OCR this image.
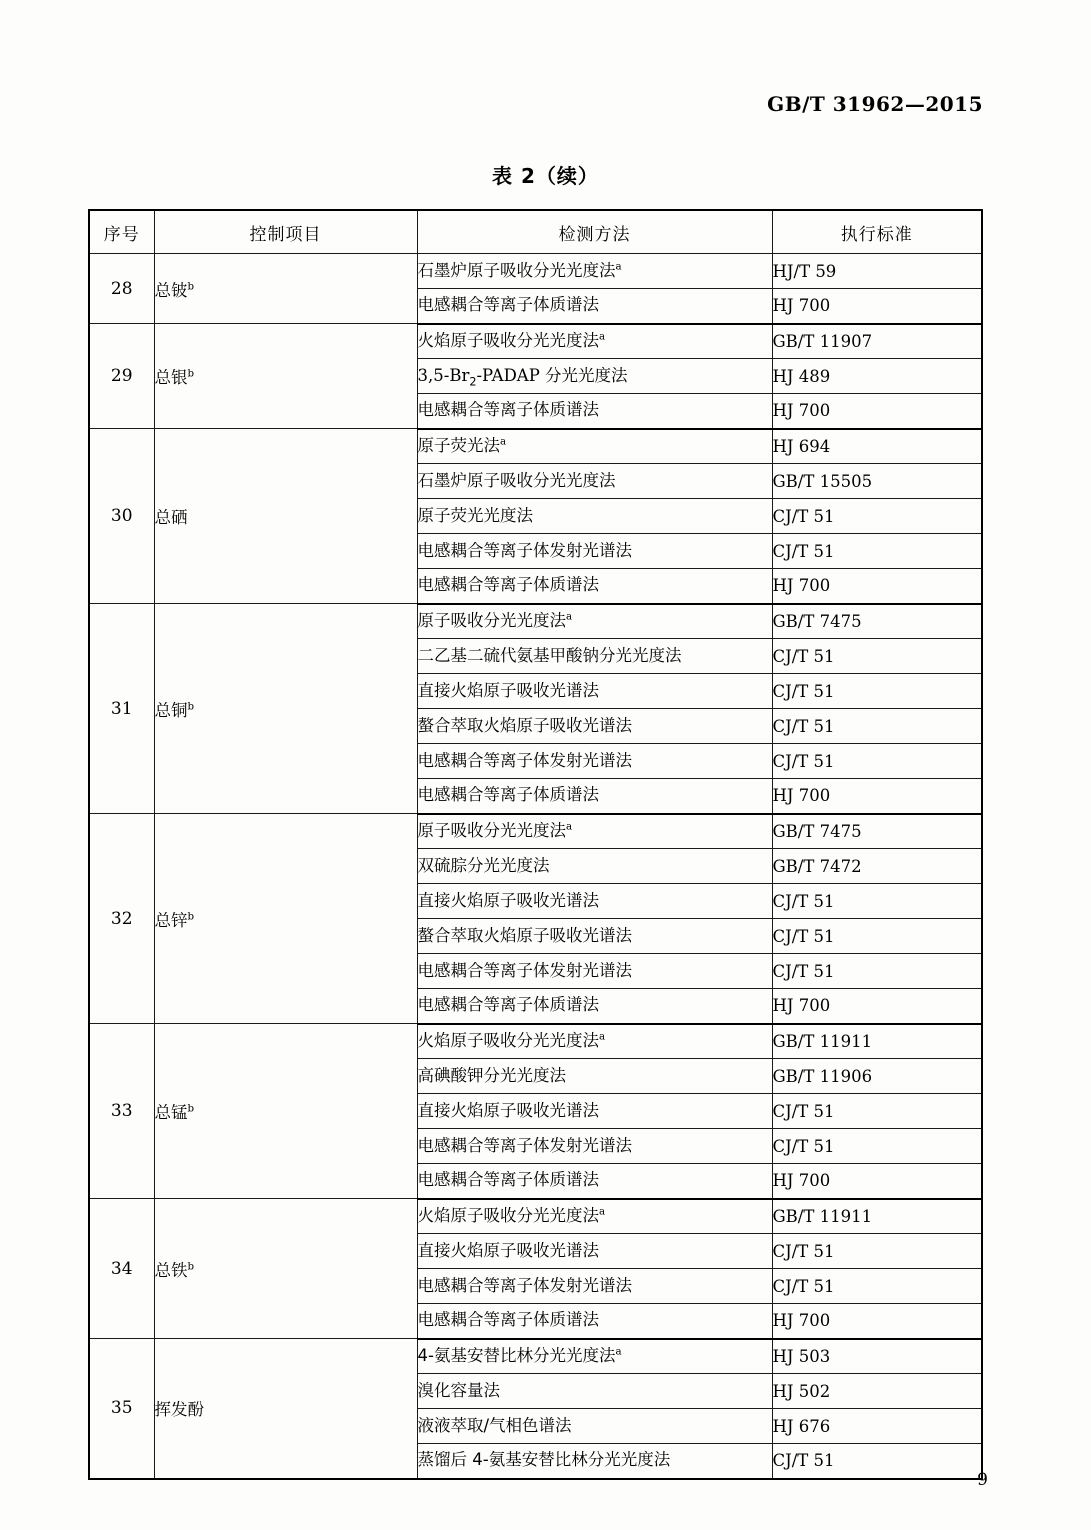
GB/T 31962—2015
表 2（续）
序号	控制项目	检测方法	执行标准
28	总铍$^b$	石墨炉原子吸收分光光度法$^a$	HJ/T 59
		电感耦合等离子体质谱法	HJ 700
29	总银$^b$	火焰原子吸收分光光度法$^a$	GB/T 11907
		$3,5-Br_2$-PADAP 分光光度法	HJ 489
		电感耦合等离子体质谱法	HJ 700
30	总硒	原子荧光法$^a$	HJ 694
		石墨炉原子吸收分光光度法	GB/T 15505
		原子荧光光度法	CJ/T 51
		电感耦合等离子体发射光谱法	CJ/T 51
		电感耦合等离子体质谱法	HJ 700
31	总铜$^b$	原子吸收分光光度法$^a$	GB/T 7475
		二乙基二硫代氨基甲酸钠分光光度法	CJ/T 51
		直接火焰原子吸收光谱法	CJ/T 51
		螯合萃取火焰原子吸收光谱法	CJ/T 51
		电感耦合等离子体发射光谱法	CJ/T 51
		电感耦合等离子体质谱法	HJ 700
32	总锌$^b$	原子吸收分光光度法$^a$	GB/T 7475
		双硫腙分光光度法	GB/T 7472
		直接火焰原子吸收光谱法	CJ/T 51
		螯合萃取火焰原子吸收光谱法	CJ/T 51
		电感耦合等离子体发射光谱法	CJ/T 51
		电感耦合等离子体质谱法	HJ 700
33	总锰$^b$	火焰原子吸收分光光度法$^a$	GB/T 11911
		高碘酸钾分光光度法	GB/T 11906
		直接火焰原子吸收光谱法	CJ/T 51
		电感耦合等离子体发射光谱法	CJ/T 51
		电感耦合等离子体质谱法	HJ 700
34	总铁$^b$	火焰原子吸收分光光度法$^a$	GB/T 11911
		直接火焰原子吸收光谱法	CJ/T 51
		电感耦合等离子体发射光谱法	CJ/T 51
		电感耦合等离子体质谱法	HJ 700
35	挥发酚	4-氨基安替比林分光光度法$^a$	HJ 503
		溴化容量法	HJ 502
		液液萃取/气相色谱法	HJ 676
		蒸馏后 4-氨基安替比林分光光度法	CJ/T 51
9
